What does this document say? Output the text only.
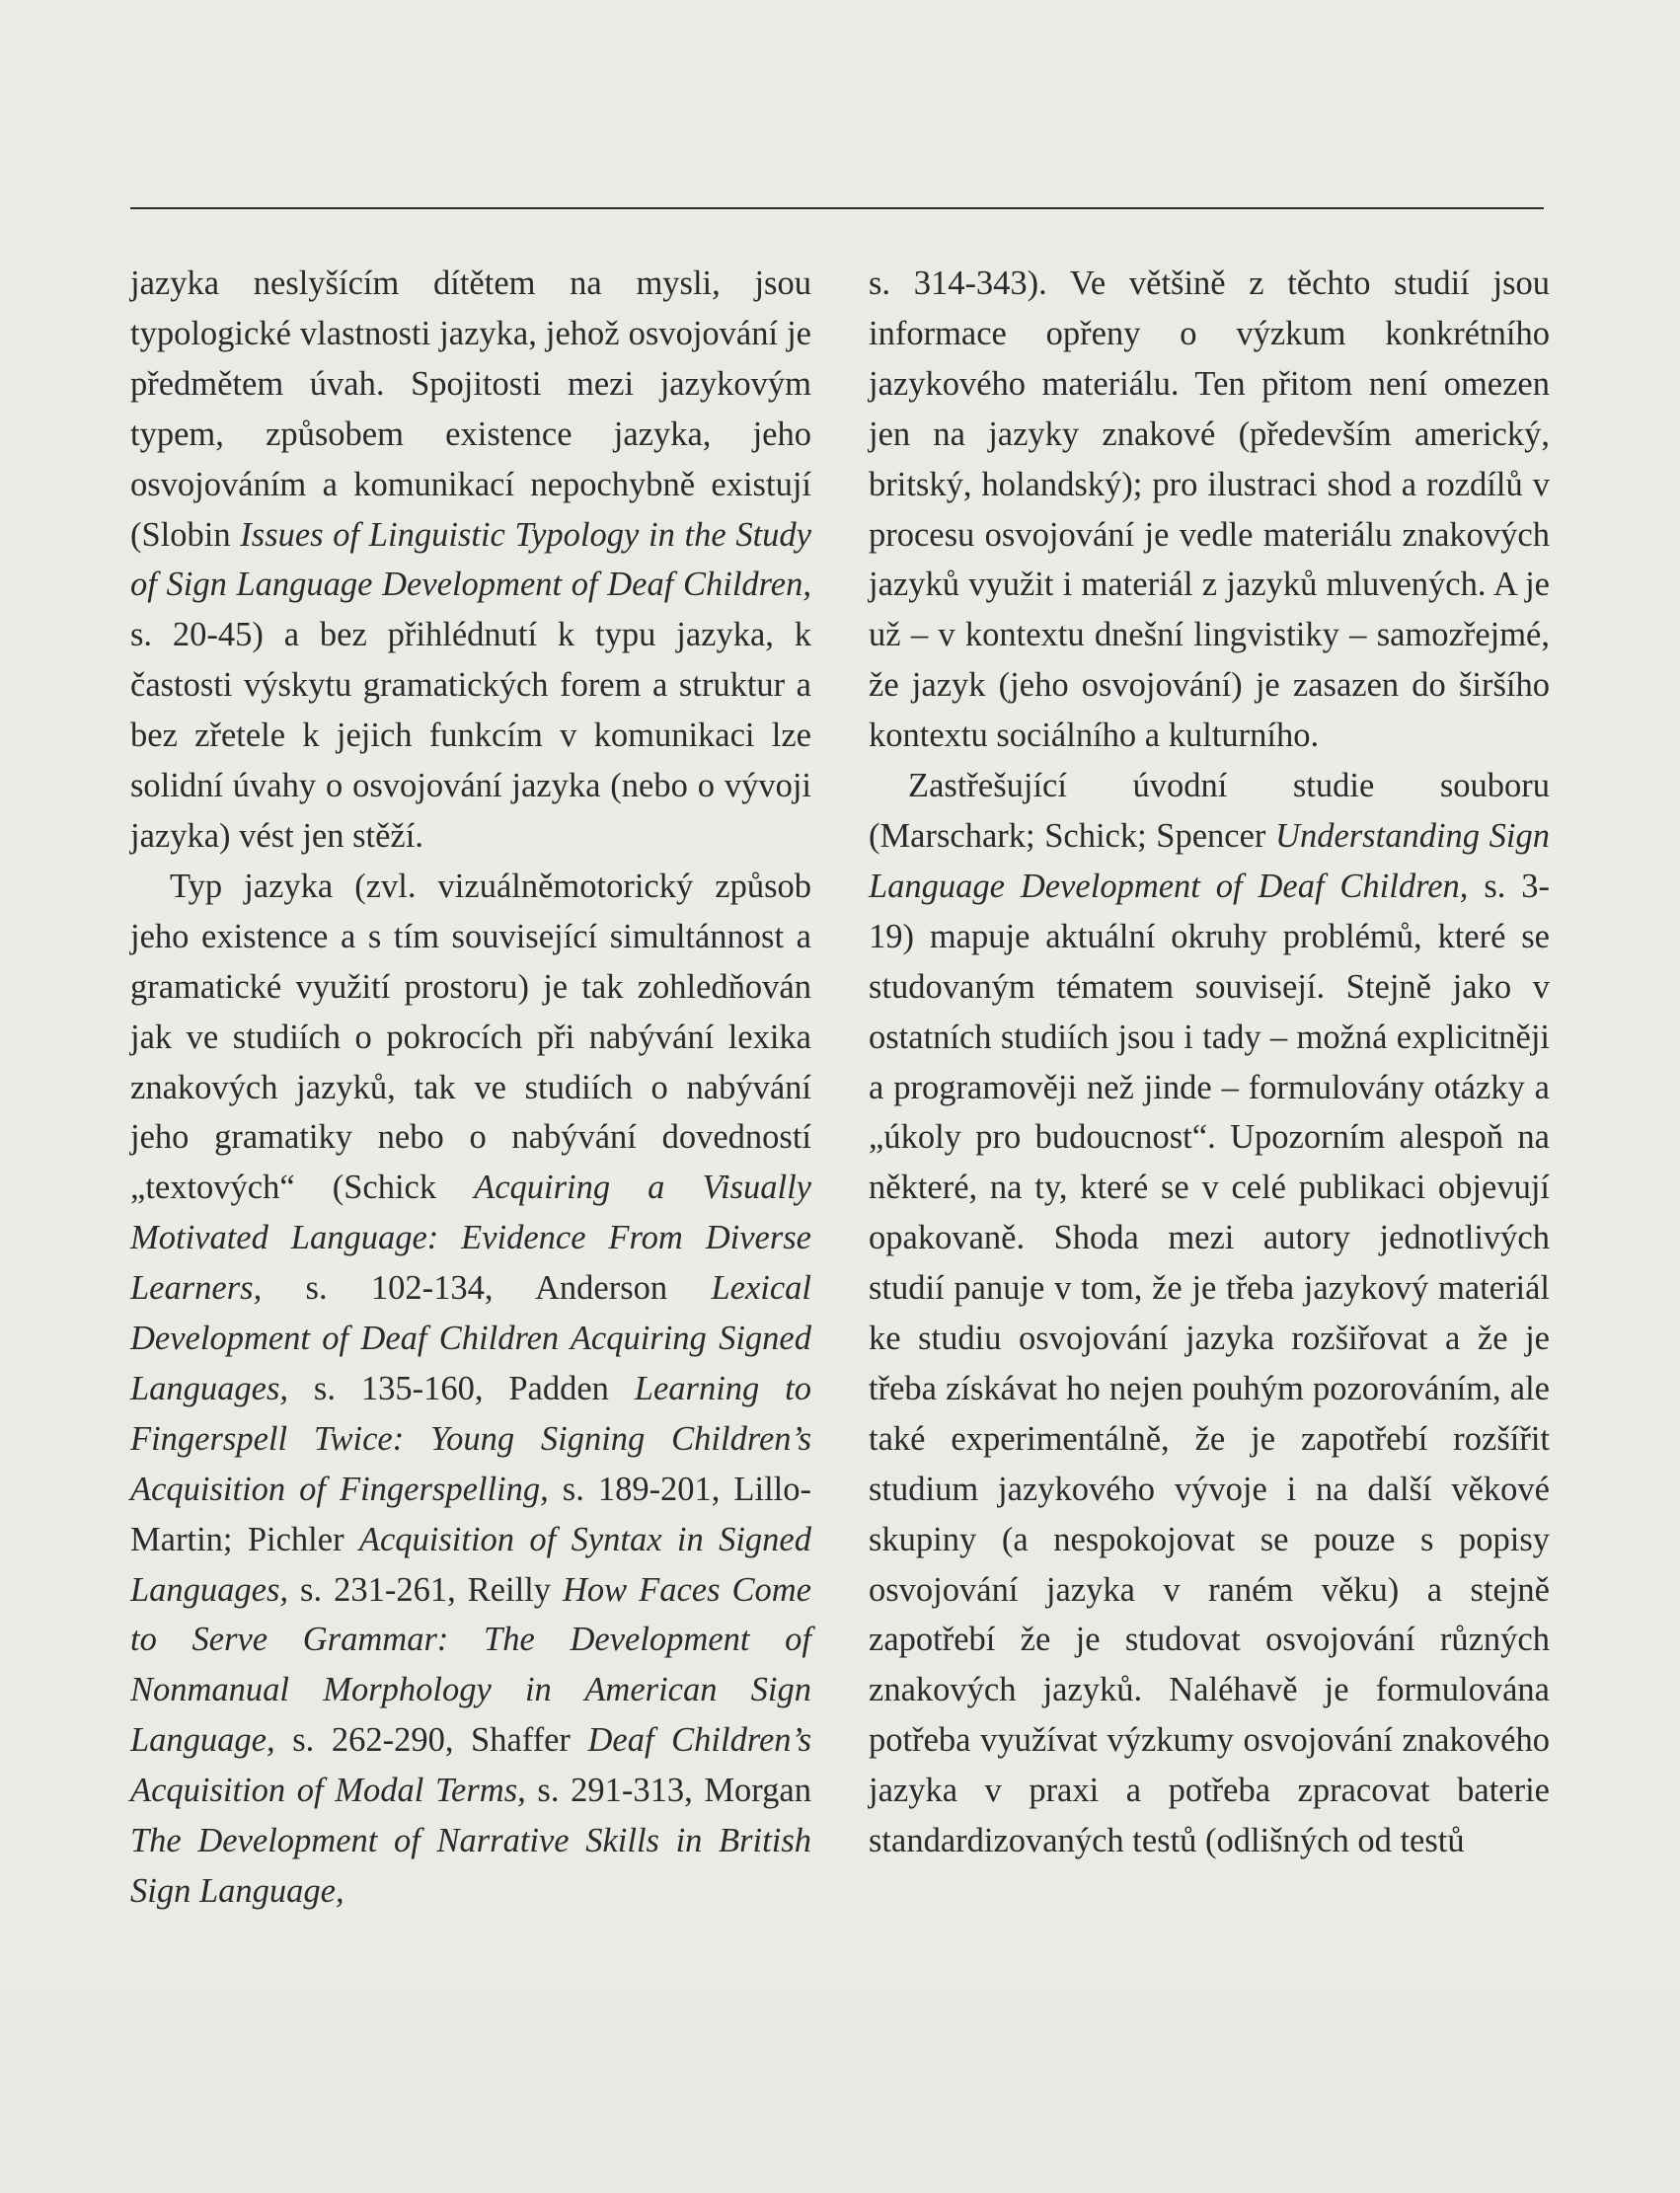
jazyka neslyšícím dítětem na mysli, jsou typologické vlastnosti jazyka, jehož osvojování je předmětem úvah. Spojitosti mezi jazykovým typem, způsobem existence jazyka, jeho osvojováním a komunikací nepochybně existují (Slobin Issues of Linguistic Typology in the Study of Sign Language Development of Deaf Children, s. 20-45) a bez přihlédnutí k typu jazyka, k častosti výskytu gramatických forem a struktur a bez zřetele k jejich funkcím v komunikaci lze solidní úvahy o osvojování jazyka (nebo o vývoji jazyka) vést jen stěží.

Typ jazyka (zvl. vizuálněmotorický způsob jeho existence a s tím související simultánnost a gramatické využití prostoru) je tak zohledňován jak ve studiích o pokrocích při nabývání lexika znakových jazyků, tak ve studiích o nabývání jeho gramatiky nebo o nabývání dovedností „textových“ (Schick Acquiring a Visually Motivated Language: Evidence From Diverse Learners, s. 102-134, Anderson Lexical Development of Deaf Children Acquiring Signed Languages, s. 135-160, Padden Learning to Fingerspell Twice: Young Signing Children’s Acquisition of Fingerspelling, s. 189-201, Lillo-Martin; Pichler Acquisition of Syntax in Signed Languages, s. 231-261, Reilly How Faces Come to Serve Grammar: The Development of Nonmanual Morphology in American Sign Language, s. 262-290, Shaffer Deaf Children’s Acquisition of Modal Terms, s. 291-313, Morgan The Development of Narrative Skills in British Sign Language,

s. 314-343). Ve většině z těchto studií jsou informace opřeny o výzkum konkrétního jazykového materiálu. Ten přitom není omezen jen na jazyky znakové (především americký, britský, holandský); pro ilustraci shod a rozdílů v procesu osvojování je vedle materiálu znakových jazyků využit i materiál z jazyků mluvených. A je už – v kontextu dnešní lingvistiky – samozřejmé, že jazyk (jeho osvojování) je zasazen do širšího kontextu sociálního a kulturního.

Zastřešující úvodní studie souboru (Marschark; Schick; Spencer Understanding Sign Language Development of Deaf Children, s. 3-19) mapuje aktuální okruhy problémů, které se studovaným tématem souvisejí. Stejně jako v ostatních studiích jsou i tady – možná explicitněji a programověji než jinde – formulovány otázky a „úkoly pro budoucnost“. Upozorním alespoň na některé, na ty, které se v celé publikaci objevují opakovaně. Shoda mezi autory jednotlivých studií panuje v tom, že je třeba jazykový materiál ke studiu osvojování jazyka rozšiřovat a že je třeba získávat ho nejen pouhým pozorováním, ale také experimentálně, že je zapotřebí rozšířit studium jazykového vývoje i na další věkové skupiny (a nespokojovat se pouze s popisy osvojování jazyka v raném věku) a stejně zapotřebí že je studovat osvojování různých znakových jazyků. Naléhavě je formulována potřeba využívat výzkumy osvojování znakového jazyka v praxi a potřeba zpracovat baterie standardizovaných testů (odlišných od testů
